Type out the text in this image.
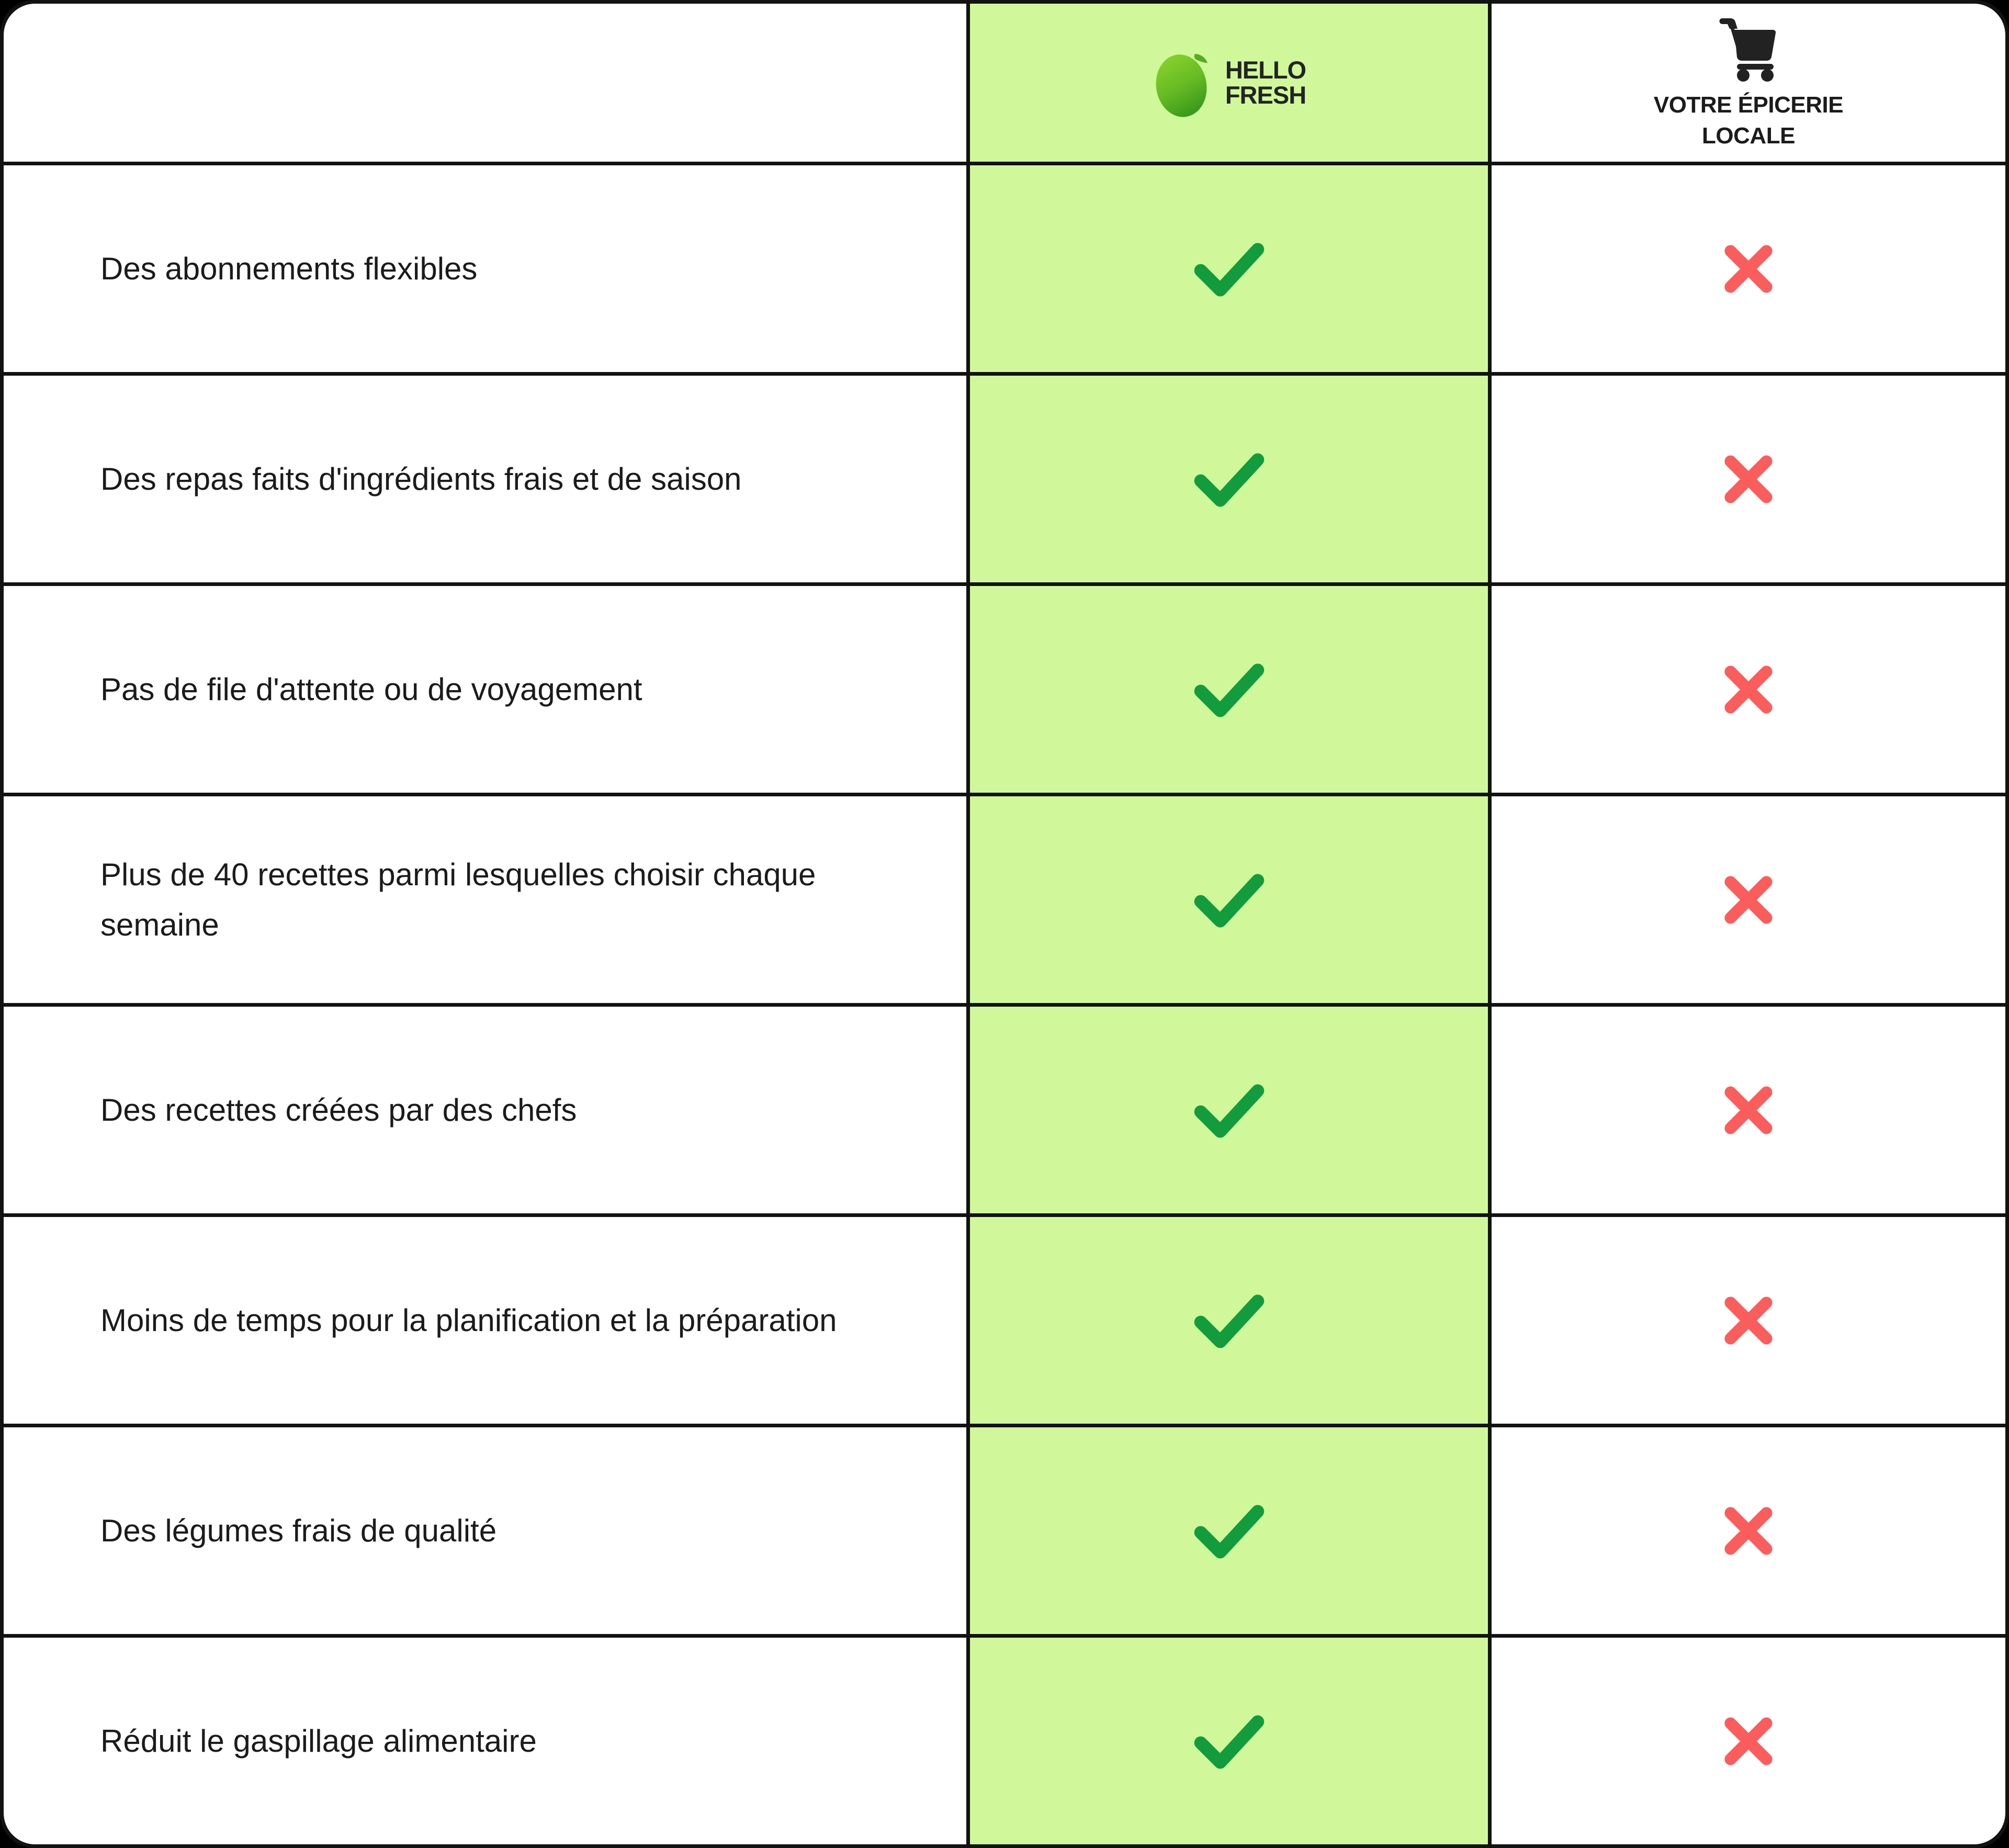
HELLO
FRESH	VOTRE ÉPICERIE
LOCALE
Des abonnements flexibles
Des repas faits d'ingrédients frais et de saison
Pas de file d'attente ou de voyagement
Plus de 40 recettes parmi lesquelles choisir chaque semaine
Des recettes créées par des chefs
Moins de temps pour la planification et la préparation
Des légumes frais de qualité
Réduit le gaspillage alimentaire
